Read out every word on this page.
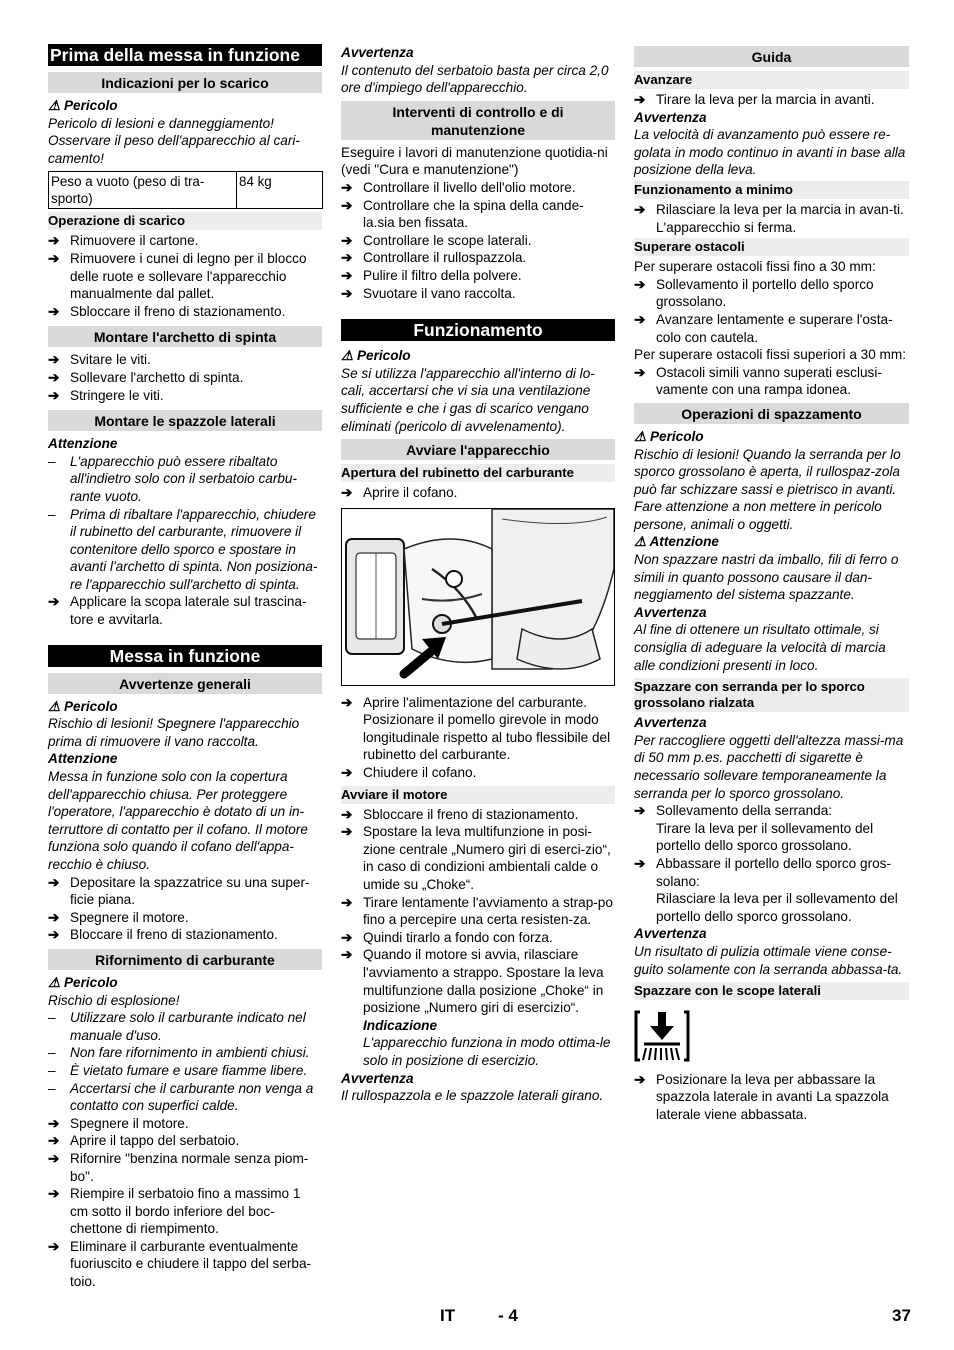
Prima della messa in funzione
Indicazioni per lo scarico
⚠ Pericolo
Pericolo di lesioni e danneggiamento! Osservare il peso dell'apparecchio al cari-camento!
Peso a vuoto (peso di tra-sporto)	84 kg
Operazione di scarico
➔ Rimuovere il cartone.
➔ Rimuovere i cunei di legno per il blocco delle ruote e sollevare l'apparecchio manualmente dal pallet.
➔ Sbloccare il freno di stazionamento.
Montare l'archetto di spinta
➔ Svitare le viti.
➔ Sollevare l'archetto di spinta.
➔ Stringere le viti.
Montare le spazzole laterali
Attenzione
–	L'apparecchio può essere ribaltato all'indietro solo con il serbatoio carbu-rante vuoto.
–	Prima di ribaltare l'apparecchio, chiudere il rubinetto del carburante, rimuovere il contenitore dello sporco e spostare in avanti l'archetto di spinta. Non posiziona-re l'apparecchio sull'archetto di spinta.
➔ Applicare la scopa laterale sul trascina-tore e avvitarla.
Messa in funzione
Avvertenze generali
⚠ Pericolo
Rischio di lesioni! Spegnere l'apparecchio prima di rimuovere il vano raccolta.
Attenzione
Messa in funzione solo con la copertura dell'apparecchio chiusa. Per proteggere l'operatore, l'apparecchio è dotato di un in-terruttore di contatto per il cofano. Il motore funziona solo quando il cofano dell'appa-recchio è chiuso.
➔ Depositare la spazzatrice su una super-ficie piana.
➔ Spegnere il motore.
➔ Bloccare il freno di stazionamento.
Rifornimento di carburante
⚠ Pericolo
Rischio di esplosione!
–	Utilizzare solo il carburante indicato nel manuale d'uso.
–	Non fare rifornimento in ambienti chiusi.
–	È vietato fumare e usare fiamme libere.
–	Accertarsi che il carburante non venga a contatto con superfici calde.
➔ Spegnere il motore.
➔ Aprire il tappo del serbatoio.
➔ Rifornire "benzina normale senza piom-bo".
➔ Riempire il serbatoio fino a massimo 1 cm sotto il bordo inferiore del boc-chettone di riempimento.
➔ Eliminare il carburante eventualmente fuoriuscito e chiudere il tappo del serba-toio.
Avvertenza
Il contenuto del serbatoio basta per circa 2,0 ore d'impiego dell'apparecchio.
Interventi di controllo e di manutenzione
Eseguire i lavori di manutenzione quotidia-ni (vedi "Cura e manutenzione")
➔ Controllare il livello dell'olio motore.
➔ Controllare che la spina della cande-la.sia ben fissata.
➔ Controllare le scope laterali.
➔ Controllare il rullospazzola.
➔ Pulire il filtro della polvere.
➔ Svuotare il vano raccolta.
Funzionamento
⚠ Pericolo
Se si utilizza l'apparecchio all'interno di lo-cali, accertarsi che vi sia una ventilazione sufficiente e che i gas di scarico vengano eliminati (pericolo di avvelenamento).
Avviare l'apparecchio
Apertura del rubinetto del carburante
➔ Aprire il cofano.
➔ Aprire l'alimentazione del carburante. Posizionare il pomello girevole in modo longitudinale rispetto al tubo flessibile del rubinetto del carburante.
➔ Chiudere il cofano.
Avviare il motore
➔ Sbloccare il freno di stazionamento.
➔ Spostare la leva multifunzione in posi-zione centrale „Numero giri di eserci-zio“, in caso di condizioni ambientali calde o umide su „Choke“.
➔ Tirare lentamente l'avviamento a strap-po fino a percepire una certa resisten-za.
➔ Quindi tirarlo a fondo con forza.
➔ Quando il motore si avvia, rilasciare l'avviamento a strappo. Spostare la leva multifunzione dalla posizione „Choke“ in posizione „Numero giri di esercizio“.
Indicazione
L'apparecchio funziona in modo ottima-le solo in posizione di esercizio.
Avvertenza
Il rullospazzola e le spazzole laterali girano.
Guida
Avanzare
➔ Tirare la leva per la marcia in avanti.
Avvertenza
La velocità di avanzamento può essere re-golata in modo continuo in avanti in base alla posizione della leva.
Funzionamento a minimo
➔ Rilasciare la leva per la marcia in avan-ti. L'apparecchio si ferma.
Superare ostacoli
Per superare ostacoli fissi fino a 30 mm:
➔ Sollevamento il portello dello sporco grossolano.
➔ Avanzare lentamente e superare l'osta-colo con cautela.
Per superare ostacoli fissi superiori a 30 mm:
➔ Ostacoli simili vanno superati esclusi-vamente con una rampa idonea.
Operazioni di spazzamento
⚠ Pericolo
Rischio di lesioni! Quando la serranda per lo sporco grossolano è aperta, il rullospaz-zola può far schizzare sassi e pietrisco in avanti. Fare attenzione a non mettere in pericolo persone, animali o oggetti.
⚠ Attenzione
Non spazzare nastri da imballo, fili di ferro o simili in quanto possono causare il dan-neggiamento del sistema spazzante.
Avvertenza
Al fine di ottenere un risultato ottimale, si consiglia di adeguare la velocità di marcia alle condizioni presenti in loco.
Spazzare con serranda per lo sporco grossolano rialzata
Avvertenza
Per raccogliere oggetti dell'altezza massi-ma di 50 mm p.es. pacchetti di sigarette è necessario sollevare temporaneamente la serranda per lo sporco grossolano.
➔ Sollevamento della serranda:
Tirare la leva per il sollevamento del portello dello sporco grossolano.
➔ Abbassare il portello dello sporco gros-solano:
Rilasciare la leva per il sollevamento del portello dello sporco grossolano.
Avvertenza
Un risultato di pulizia ottimale viene conse-guito solamente con la serranda abbassa-ta.
Spazzare con le scope laterali
➔ Posizionare la leva per abbassare la spazzola laterale in avanti La spazzola laterale viene abbassata.
IT	- 4	37
